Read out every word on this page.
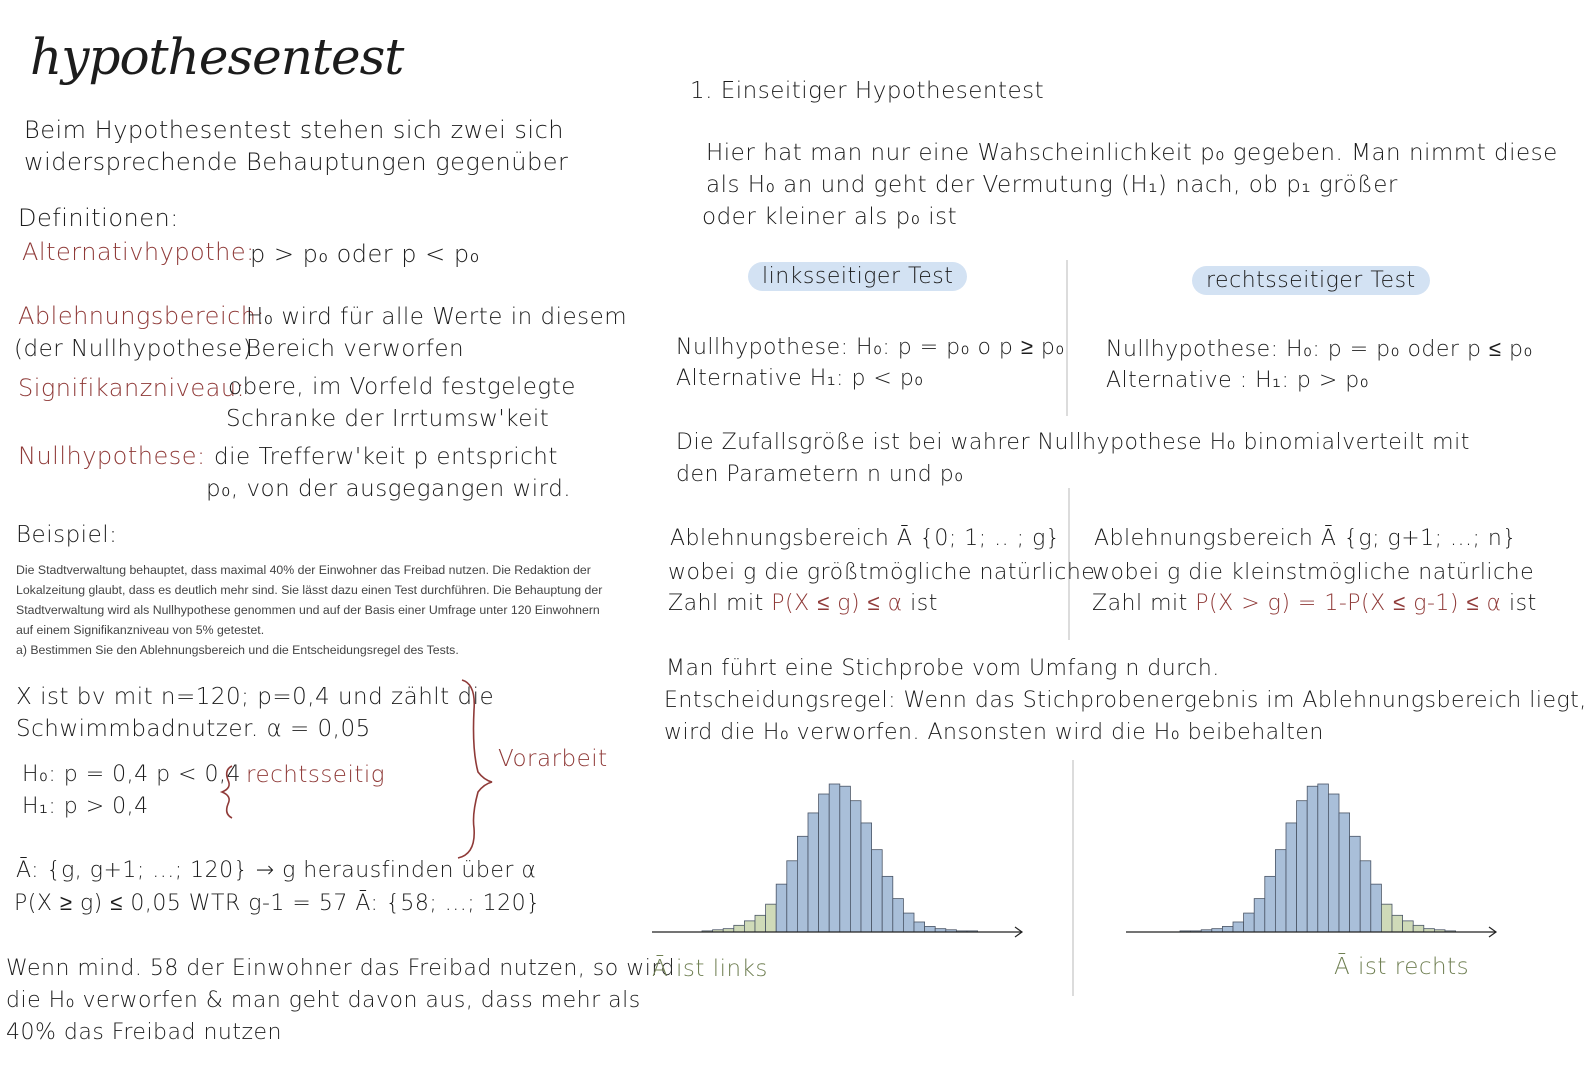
hypothesentest
Beim Hypothesentest stehen sich zwei sich
widersprechende Behauptungen gegenüber
Definitionen:
Alternativhypothe:
p > p₀ oder p < p₀
Ablehnungsbereich:
H₀ wird für alle Werte in diesem
(der Nullhypothese)
Bereich verworfen
Signifikanzniveau:
obere, im Vorfeld festgelegte
Schranke der Irrtumsw'keit
Nullhypothese: die Trefferw'keit p entspricht
p₀, von der ausgegangen wird.
Beispiel:
Die Stadtverwaltung behauptet, dass maximal 40% der Einwohner das Freibad nutzen. Die Redaktion der Lokalzeitung glaubt, dass es deutlich mehr sind. Sie lässt dazu einen Test durchführen. Die Behauptung der Stadtverwaltung wird als Nullhypothese genommen und auf der Basis einer Umfrage unter 120 Einwohnern auf einem Signifikanzniveau von 5% getestet.
a) Bestimmen Sie den Ablehnungsbereich und die Entscheidungsregel des Tests.
X ist bv mit n=120; p=0,4 und zählt die
Schwimmbadnutzer. α = 0,05
H₀: p = 0,4 p < 0,4
H₁: p > 0,4
rechtsseitig
Vorarbeit
Ā: {g, g+1; ...; 120} → g herausfinden über α
P(X ≥ g) ≤ 0,05 WTR g-1 = 57 Ā: {58; ...; 120}
Wenn mind. 58 der Einwohner das Freibad nutzen, so wird
die H₀ verworfen & man geht davon aus, dass mehr als
40% das Freibad nutzen
1. Einseitiger Hypothesentest
Hier hat man nur eine Wahscheinlichkeit p₀ gegeben. Man nimmt diese
als H₀ an und geht der Vermutung (H₁) nach, ob p₁ größer
oder kleiner als p₀ ist
linksseitiger Test	rechtsseitiger Test
Nullhypothese: H₀: p = p₀ o p ≥ p₀
Alternative H₁: p < p₀
Nullhypothese: H₀: p = p₀ oder p ≤ p₀
Alternative : H₁: p > p₀
Die Zufallsgröße ist bei wahrer Nullhypothese H₀ binomialverteilt mit
den Parametern n und p₀
Ablehnungsbereich Ā {0; 1; .. ; g}
wobei g die größtmögliche natürliche
Zahl mit P(X ≤ g) ≤ α ist
Ablehnungsbereich Ā {g; g+1; ...; n}
wobei g die kleinstmögliche natürliche
Zahl mit P(X > g) = 1-P(X ≤ g-1) ≤ α ist
Man führt eine Stichprobe vom Umfang n durch.
Entscheidungsregel: Wenn das Stichprobenergebnis im Ablehnungsbereich liegt,
wird die H₀ verworfen. Ansonsten wird die H₀ beibehalten
Ā ist links	Ā ist rechts
